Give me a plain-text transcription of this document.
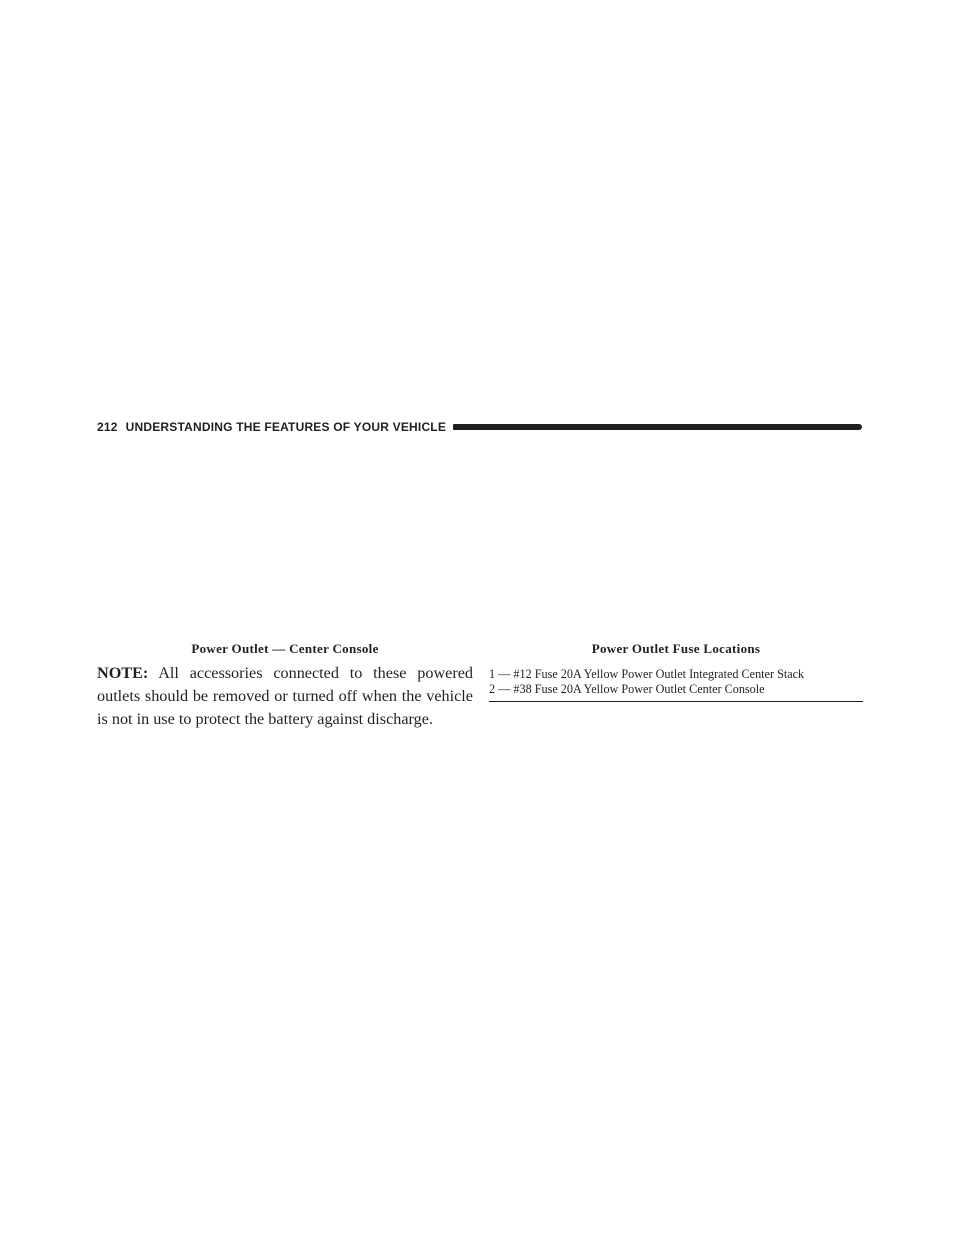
212 UNDERSTANDING THE FEATURES OF YOUR VEHICLE
Power Outlet — Center Console

NOTE: All accessories connected to these powered outlets should be removed or turned off when the vehicle is not in use to protect the battery against discharge.

Power Outlet Fuse Locations
1 — #12 Fuse 20A Yellow Power Outlet Integrated Center Stack
2 — #38 Fuse 20A Yellow Power Outlet Center Console
